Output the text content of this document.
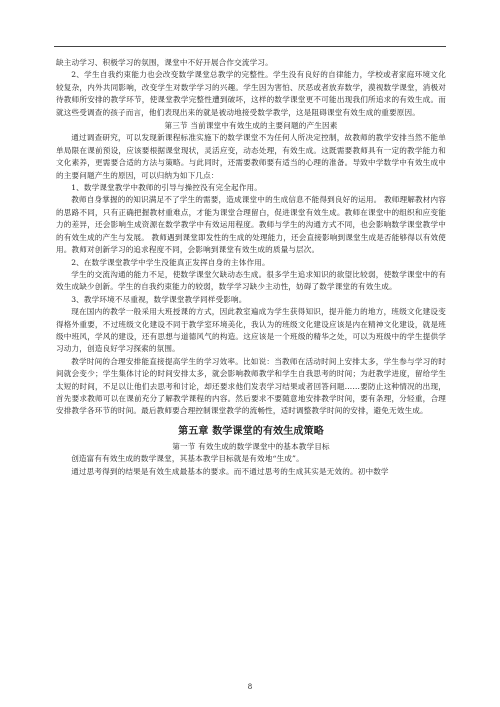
缺主动学习、积极学习的氛围，课堂中不好开展合作交流学习。

2、学生自我约束能力也会改变数学课堂总教学的完整性。学生没有良好的自律能力，学校或者家庭环境文化较复杂，内外共同影响，改变学生对数学学习的兴趣。学生因为害怕、厌恶或者放弃数学，漠视数学课堂，消极对待教师所安排的教学环节，使课堂教学完整性遭到破坏，这样的数学课堂更不可能出现我们所追求的有效生成。而就这些受调查的孩子而言，他们表现出来的就是被动地接受数学教学，这是阻碍课堂有效生成的重要原因。

第三节 当前课堂中有效生成的主要问题的产生因素

通过调查研究，可以发现新课程标准实施下的数学课堂不为任何人所决定控制，故教师的教学安排当然不能单单局限在课前预设，应该要根据课堂现状，灵活应变，动态处理，有效生成。这既需要教师具有一定的教学能力和文化素养，更需要合适的方法与策略。与此同时，还需要教师要有适当的心理的准备。导致中学数学中有效生成中的主要问题产生的原因，可以归纳为如下几点：

1、数学课堂教学中教师的引导与操控没有完全起作用。

教师自身掌握的的知识满足不了学生的需要，造成课堂中的生成信息不能得到良好的运用。 教师理解教材内容的思路不同，只有正确把握教材重难点，才能为课堂合理留白，促进课堂有效生成。教师在课堂中的组织和应变能力的差异，还会影响生成资源在数学教学中有效运用程度。教师与学生的沟通方式不同，也会影响数学课堂教学中的有效生成的产生与发展。 教师遇到课堂即发性的生成的处理能力，还会直接影响到课堂生成是否能够得以有效使用。教师对创新学习的追求程度不同，会影响到课堂有效生成的质量与层次。

2、在数学课堂教学中学生没能真正发挥自身的主体作用。

学生的交流沟通的能力不足，使数学课堂欠缺动态生成。很多学生追求知识的欲望比较弱，使数学课堂中的有效生成缺少创新。学生的自我约束能力的较弱，数学学习缺少主动性，妨碍了数学课堂的有效生成。

3、教学环境不尽重视，数学课堂教学同样受影响。

现在国内的教学一般采用大班授课的方式，因此教室遍成为学生获得知识，提升能力的地方，班级文化建设变得格外重要，不过班级文化建设不同于教学室环境美化，我认为的班级文化建设应该是内在精神文化建设，就是班级中班风，学风的建设，还有思想与道德风气的构造。这应该是一个班级的精华之处，可以为班级中的学生提供学习动力，创造良好学习探索的氛围。

教学时间的合理安排能直接提高学生的学习效率。比如说：当教师在活动时间上安排太多，学生参与学习的时间就会变少；学生集体讨论的时间安排太多，就会影响教师教学和学生自我思考的时间；为赶教学进度，留给学生太短的时间，不足以让他们去思考和讨论，却还要求他们发表学习结果或者回答问题……要防止这种情况的出现，首先要求教师可以在课前充分了解教学课程的内容。然后要求不要随意地安排教学时间，要有条理，分轻重，合理安排教学各环节的时间。最后教师要合理控制课堂教学的流畅性，适时调整教学时间的安排，避免无效生成。

第五章 数学课堂的有效生成策略

第一节 有效生成的数学课堂中的基本教学目标

创造富有有效生成的数学课堂，其基本教学目标就是有效地“生成”。

通过思考得到的结果是有效生成最基本的要求。而不通过思考的生成其实是无效的。初中数学

8
